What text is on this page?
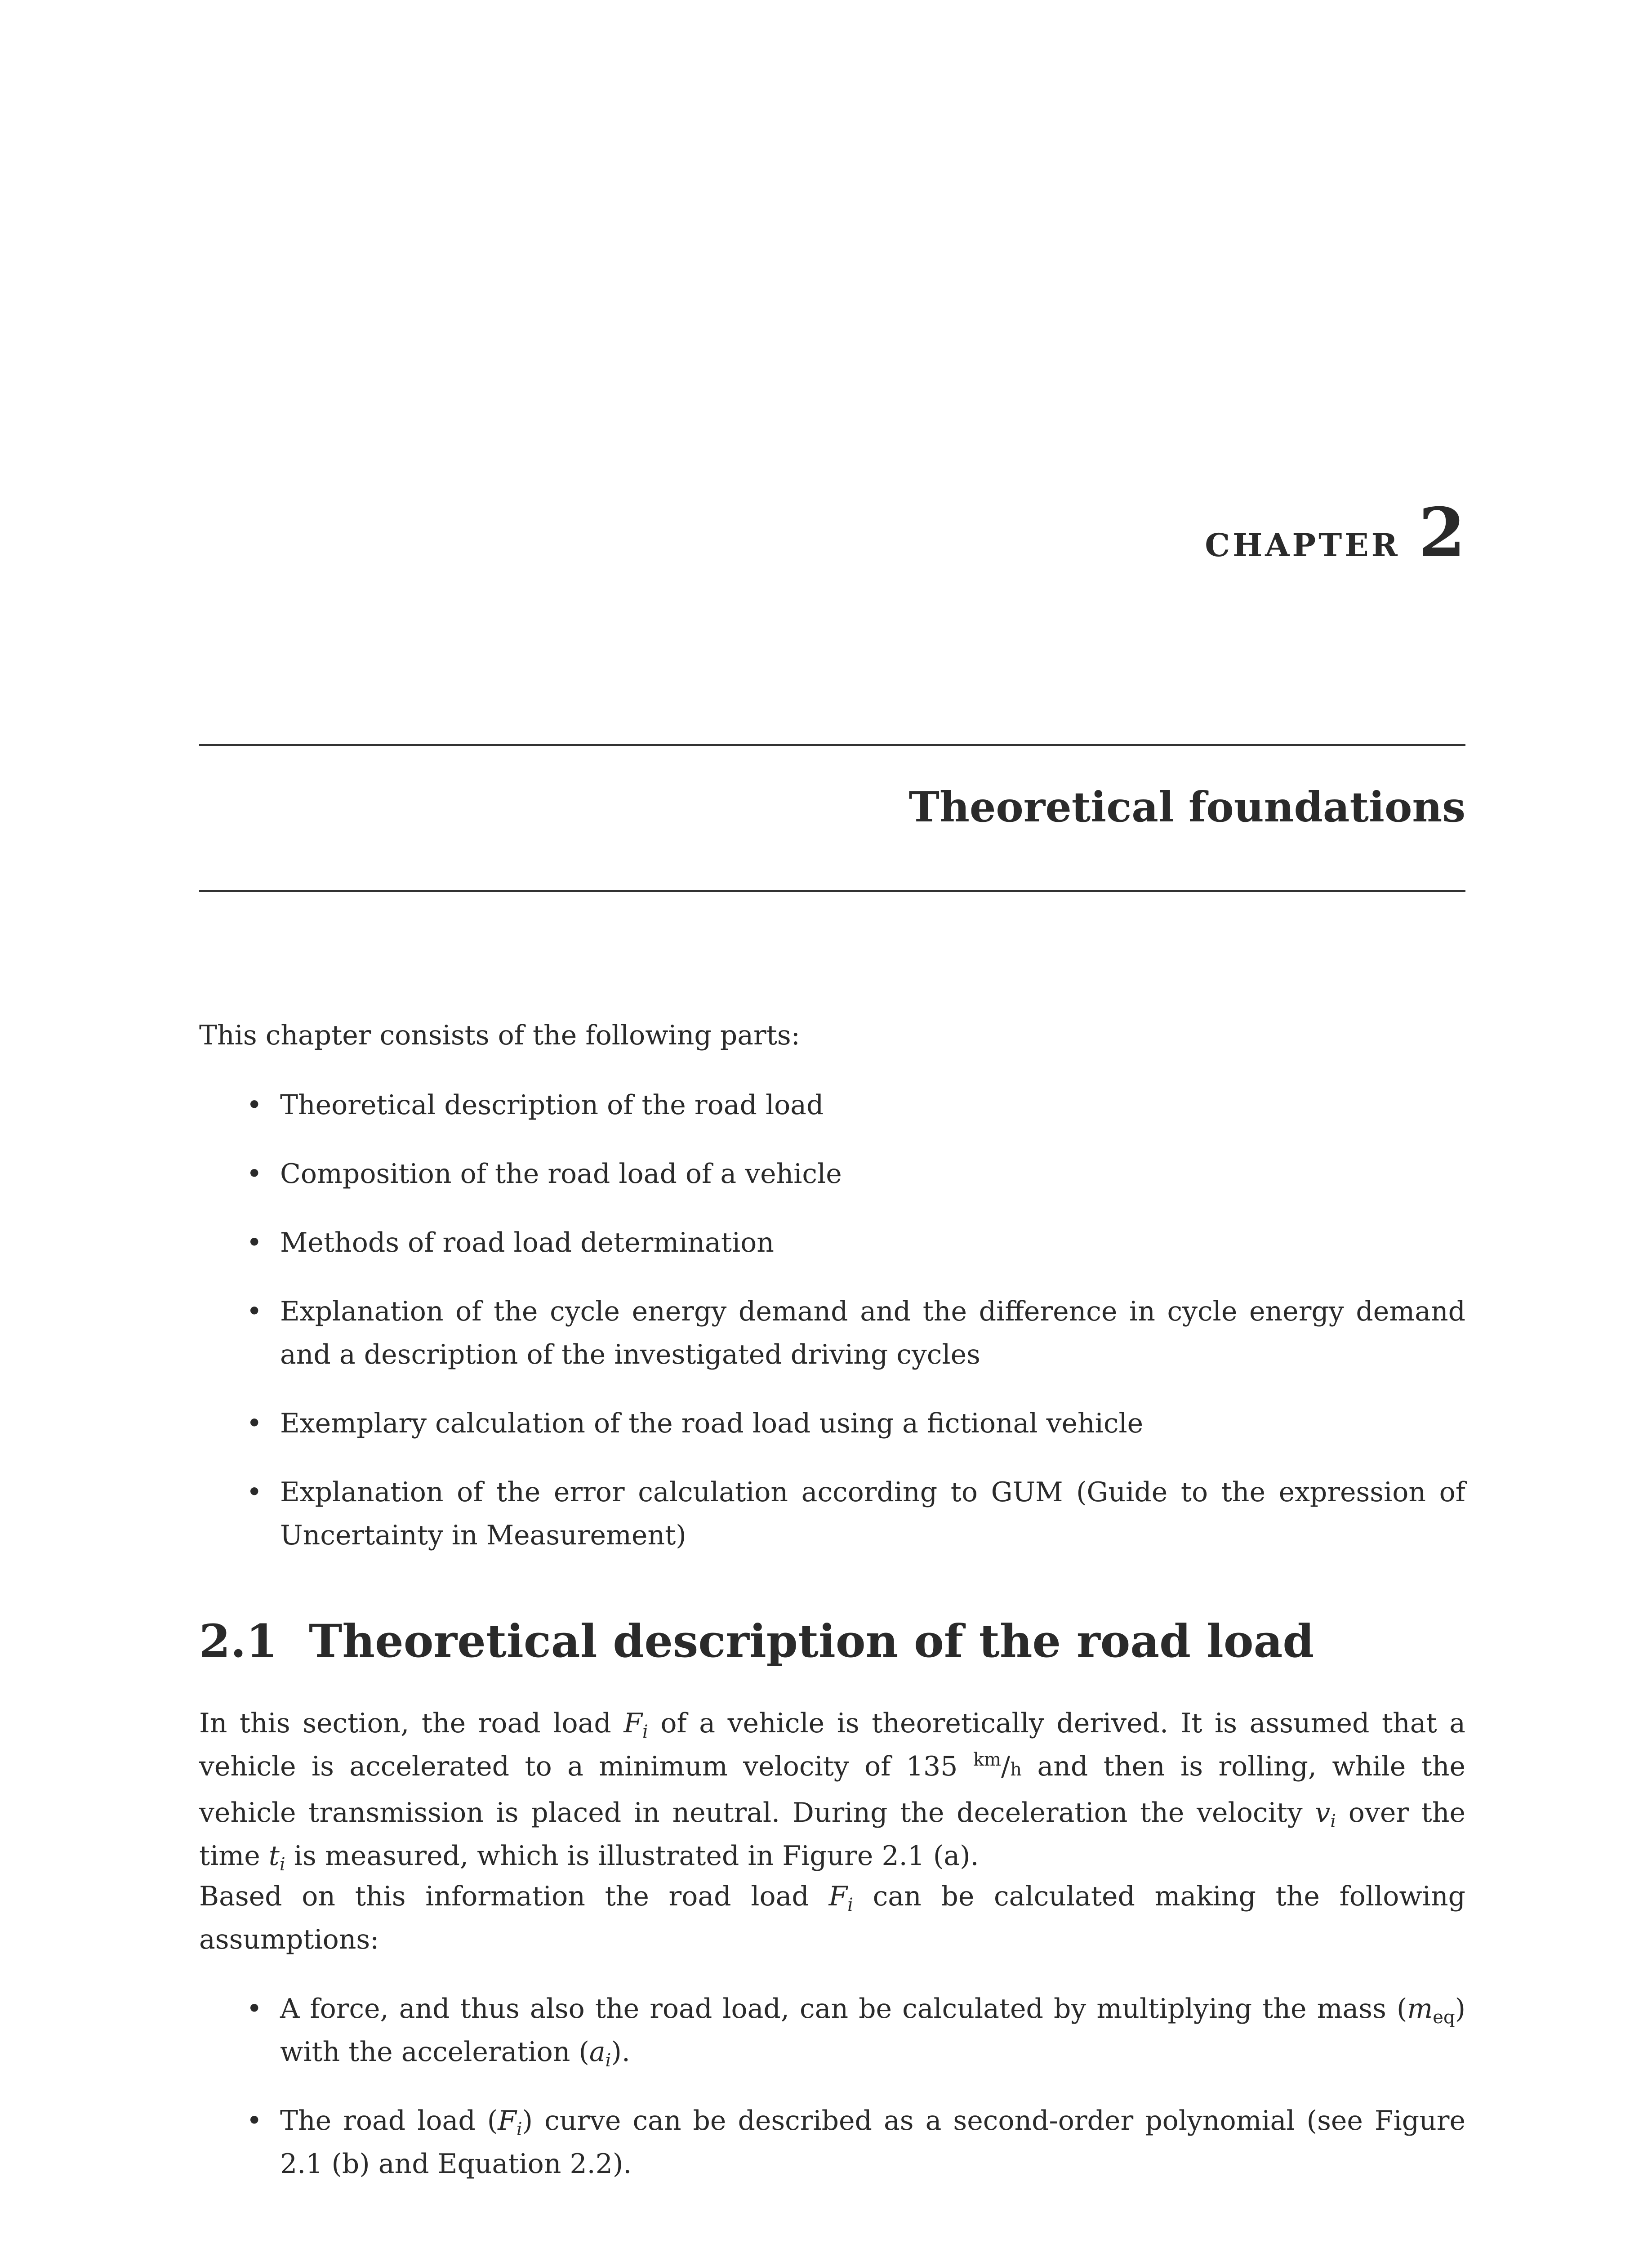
chapter 2
Theoretical foundations
This chapter consists of the following parts:
• Theoretical description of the road load
• Composition of the road load of a vehicle
• Methods of road load determination
• Explanation of the cycle energy demand and the difference in cycle energy demand and a description of the investigated driving cycles
• Exemplary calculation of the road load using a fictional vehicle
• Explanation of the error calculation according to GUM (Guide to the expression of Uncertainty in Measurement)
2.1 Theoretical description of the road load
In this section, the road load $F_i$ of a vehicle is theoretically derived. It is assumed that a vehicle is accelerated to a minimum velocity of 135 $^{km}$/h and then is rolling, while the vehicle transmission is placed in neutral. During the deceleration the velocity $v_i$ over the time $t_i$ is measured, which is illustrated in Figure 2.1 (a).
Based on this information the road load $F_i$ can be calculated making the following assumptions:
• A force, and thus also the road load, can be calculated by multiplying the mass $(m_{eq})$ with the acceleration $(a_i)$.
• The road load $(F_i)$ curve can be described as a second-order polynomial (see Figure 2.1 (b) and Equation 2.2).
